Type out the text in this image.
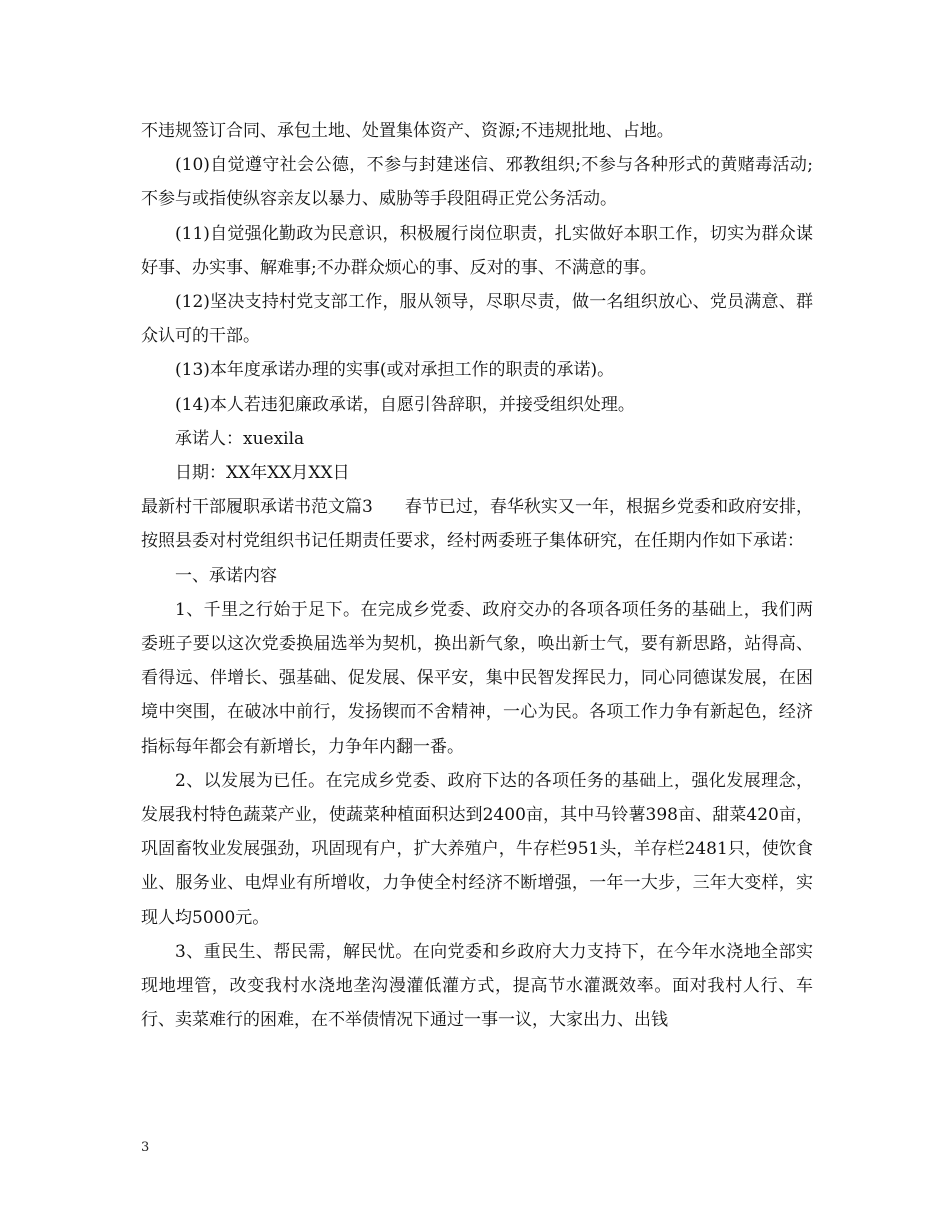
不违规签订合同、承包土地、处置集体资产、资源;不违规批地、占地。

(10)自觉遵守社会公德，不参与封建迷信、邪教组织;不参与各种形式的黄赌毒活动;不参与或指使纵容亲友以暴力、威胁等手段阻碍正党公务活动。

(11)自觉强化勤政为民意识，积极履行岗位职责，扎实做好本职工作，切实为群众谋好事、办实事、解难事;不办群众烦心的事、反对的事、不满意的事。

(12)坚决支持村党支部工作，服从领导，尽职尽责，做一名组织放心、党员满意、群众认可的干部。

(13)本年度承诺办理的实事(或对承担工作的职责的承诺)。

(14)本人若违犯廉政承诺，自愿引咎辞职，并接受组织处理。

承诺人：xuexila

日期：XX年XX月XX日

最新村干部履职承诺书范文篇3 春节已过，春华秋实又一年，根据乡党委和政府安排，按照县委对村党组织书记任期责任要求，经村两委班子集体研究，在任期内作如下承诺：

一、承诺内容

1、千里之行始于足下。在完成乡党委、政府交办的各项各项任务的基础上，我们两委班子要以这次党委换届选举为契机，换出新气象，唤出新士气，要有新思路，站得高、看得远、伴增长、强基础、促发展、保平安，集中民智发挥民力，同心同德谋发展，在困境中突围，在破冰中前行，发扬锲而不舍精神，一心为民。各项工作力争有新起色，经济指标每年都会有新增长，力争年内翻一番。

2、以发展为已任。在完成乡党委、政府下达的各项任务的基础上，强化发展理念，发展我村特色蔬菜产业，使蔬菜种植面积达到2400亩，其中马铃薯398亩、甜菜420亩，巩固畜牧业发展强劲，巩固现有户，扩大养殖户，牛存栏951头，羊存栏2481只，使饮食业、服务业、电焊业有所增收，力争使全村经济不断增强，一年一大步，三年大变样，实现人均5000元。

3、重民生、帮民需，解民忧。在向党委和乡政府大力支持下，在今年水浇地全部实现地埋管，改变我村水浇地垄沟漫灌低灌方式，提高节水灌溉效率。面对我村人行、车行、卖菜难行的困难，在不举债情况下通过一事一议，大家出力、出钱

3
